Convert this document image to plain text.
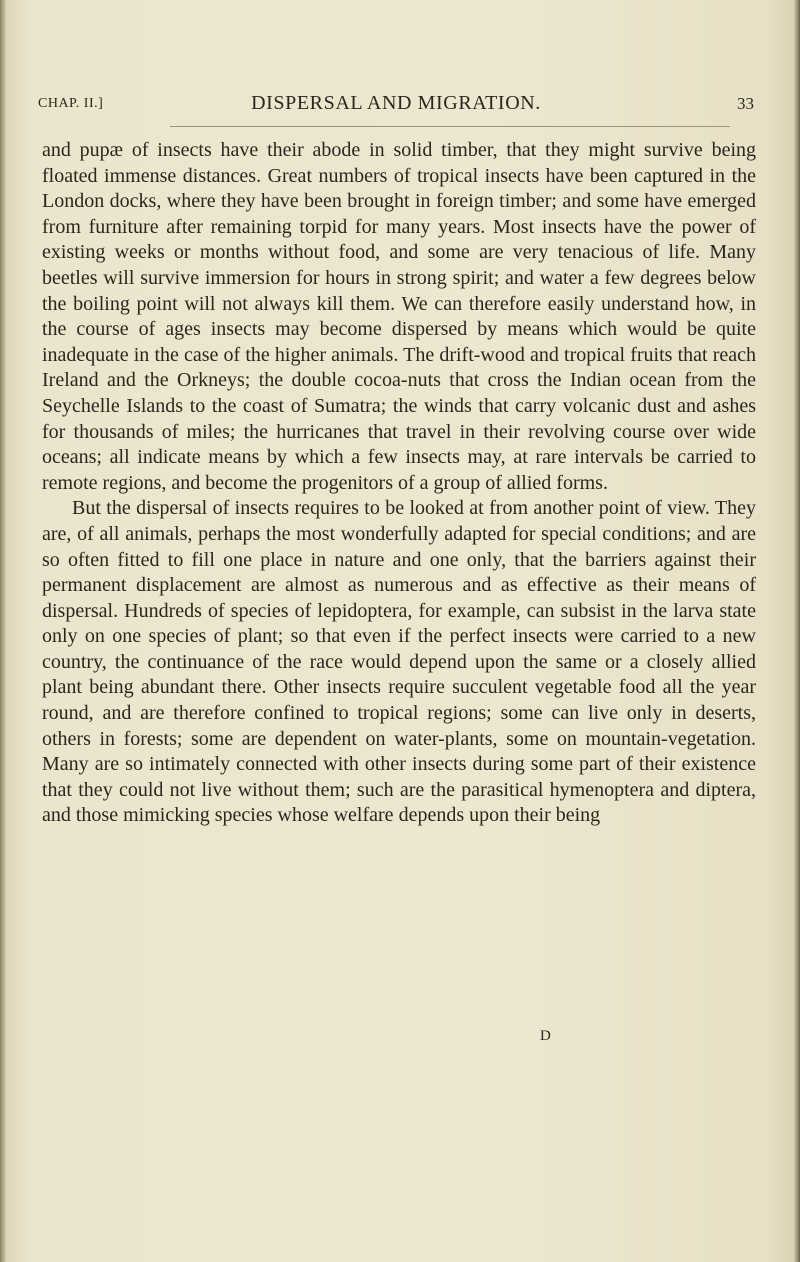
CHAP. II.]	DISPERSAL AND MIGRATION.	33

and pupæ of insects have their abode in solid timber, that they might survive being floated immense distances. Great numbers of tropical insects have been captured in the London docks, where they have been brought in foreign timber; and some have emerged from furniture after remaining torpid for many years. Most insects have the power of existing weeks or months without food, and some are very tenacious of life. Many beetles will survive immersion for hours in strong spirit; and water a few degrees below the boiling point will not always kill them. We can therefore easily understand how, in the course of ages insects may become dispersed by means which would be quite inadequate in the case of the higher animals. The drift-wood and tropical fruits that reach Ireland and the Orkneys; the double cocoa-nuts that cross the Indian ocean from the Seychelle Islands to the coast of Sumatra; the winds that carry volcanic dust and ashes for thousands of miles; the hurricanes that travel in their revolving course over wide oceans; all indicate means by which a few insects may, at rare intervals be carried to remote regions, and become the progenitors of a group of allied forms.

But the dispersal of insects requires to be looked at from another point of view. They are, of all animals, perhaps the most wonderfully adapted for special conditions; and are so often fitted to fill one place in nature and one only, that the barriers against their permanent displacement are almost as numerous and as effective as their means of dispersal. Hundreds of species of lepidoptera, for example, can subsist in the larva state only on one species of plant; so that even if the perfect insects were carried to a new country, the continuance of the race would depend upon the same or a closely allied plant being abundant there. Other insects require succulent vegetable food all the year round, and are therefore confined to tropical regions; some can live only in deserts, others in forests; some are dependent on water-plants, some on mountain-vegetation. Many are so intimately connected with other insects during some part of their existence that they could not live without them; such are the parasitical hymenoptera and diptera, and those mimicking species whose welfare depends upon their being

D
